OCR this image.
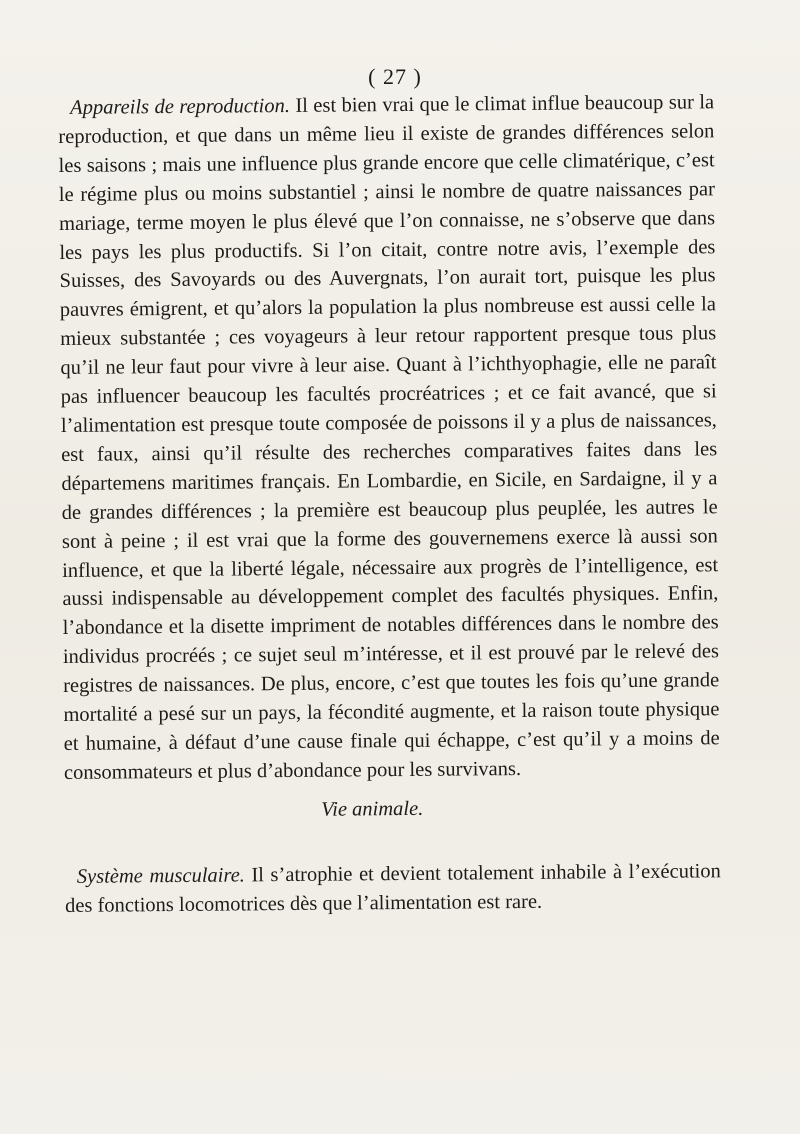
( 27 )

Appareils de reproduction. Il est bien vrai que le climat influe beaucoup sur la reproduction, et que dans un même lieu il existe de grandes différences selon les saisons ; mais une influence plus grande encore que celle climatérique, c’est le régime plus ou moins substantiel ; ainsi le nombre de quatre naissances par mariage, terme moyen le plus élevé que l’on connaisse, ne s’observe que dans les pays les plus productifs. Si l’on citait, contre notre avis, l’exemple des Suisses, des Savoyards ou des Auvergnats, l’on aurait tort, puisque les plus pauvres émigrent, et qu’alors la population la plus nombreuse est aussi celle la mieux substantée ; ces voyageurs à leur retour rapportent presque tous plus qu’il ne leur faut pour vivre à leur aise. Quant à l’ichthyophagie, elle ne paraît pas influencer beaucoup les facultés procréatrices ; et ce fait avancé, que si l’alimentation est presque toute composée de poissons il y a plus de naissances, est faux, ainsi qu’il résulte des recherches comparatives faites dans les départemens maritimes français. En Lombardie, en Sicile, en Sardaigne, il y a de grandes différences ; la première est beaucoup plus peuplée, les autres le sont à peine ; il est vrai que la forme des gouvernemens exerce là aussi son influence, et que la liberté légale, nécessaire aux progrès de l’intelligence, est aussi indispensable au développement complet des facultés physiques. Enfin, l’abondance et la disette impriment de notables différences dans le nombre des individus procréés ; ce sujet seul m’intéresse, et il est prouvé par le relevé des registres de naissances. De plus, encore, c’est que toutes les fois qu’une grande mortalité a pesé sur un pays, la fécondité augmente, et la raison toute physique et humaine, à défaut d’une cause finale qui échappe, c’est qu’il y a moins de consommateurs et plus d’abondance pour les survivans.

Vie animale.

Système musculaire. Il s’atrophie et devient totalement inhabile à l’exécution des fonctions locomotrices dès que l’alimentation est rare.
